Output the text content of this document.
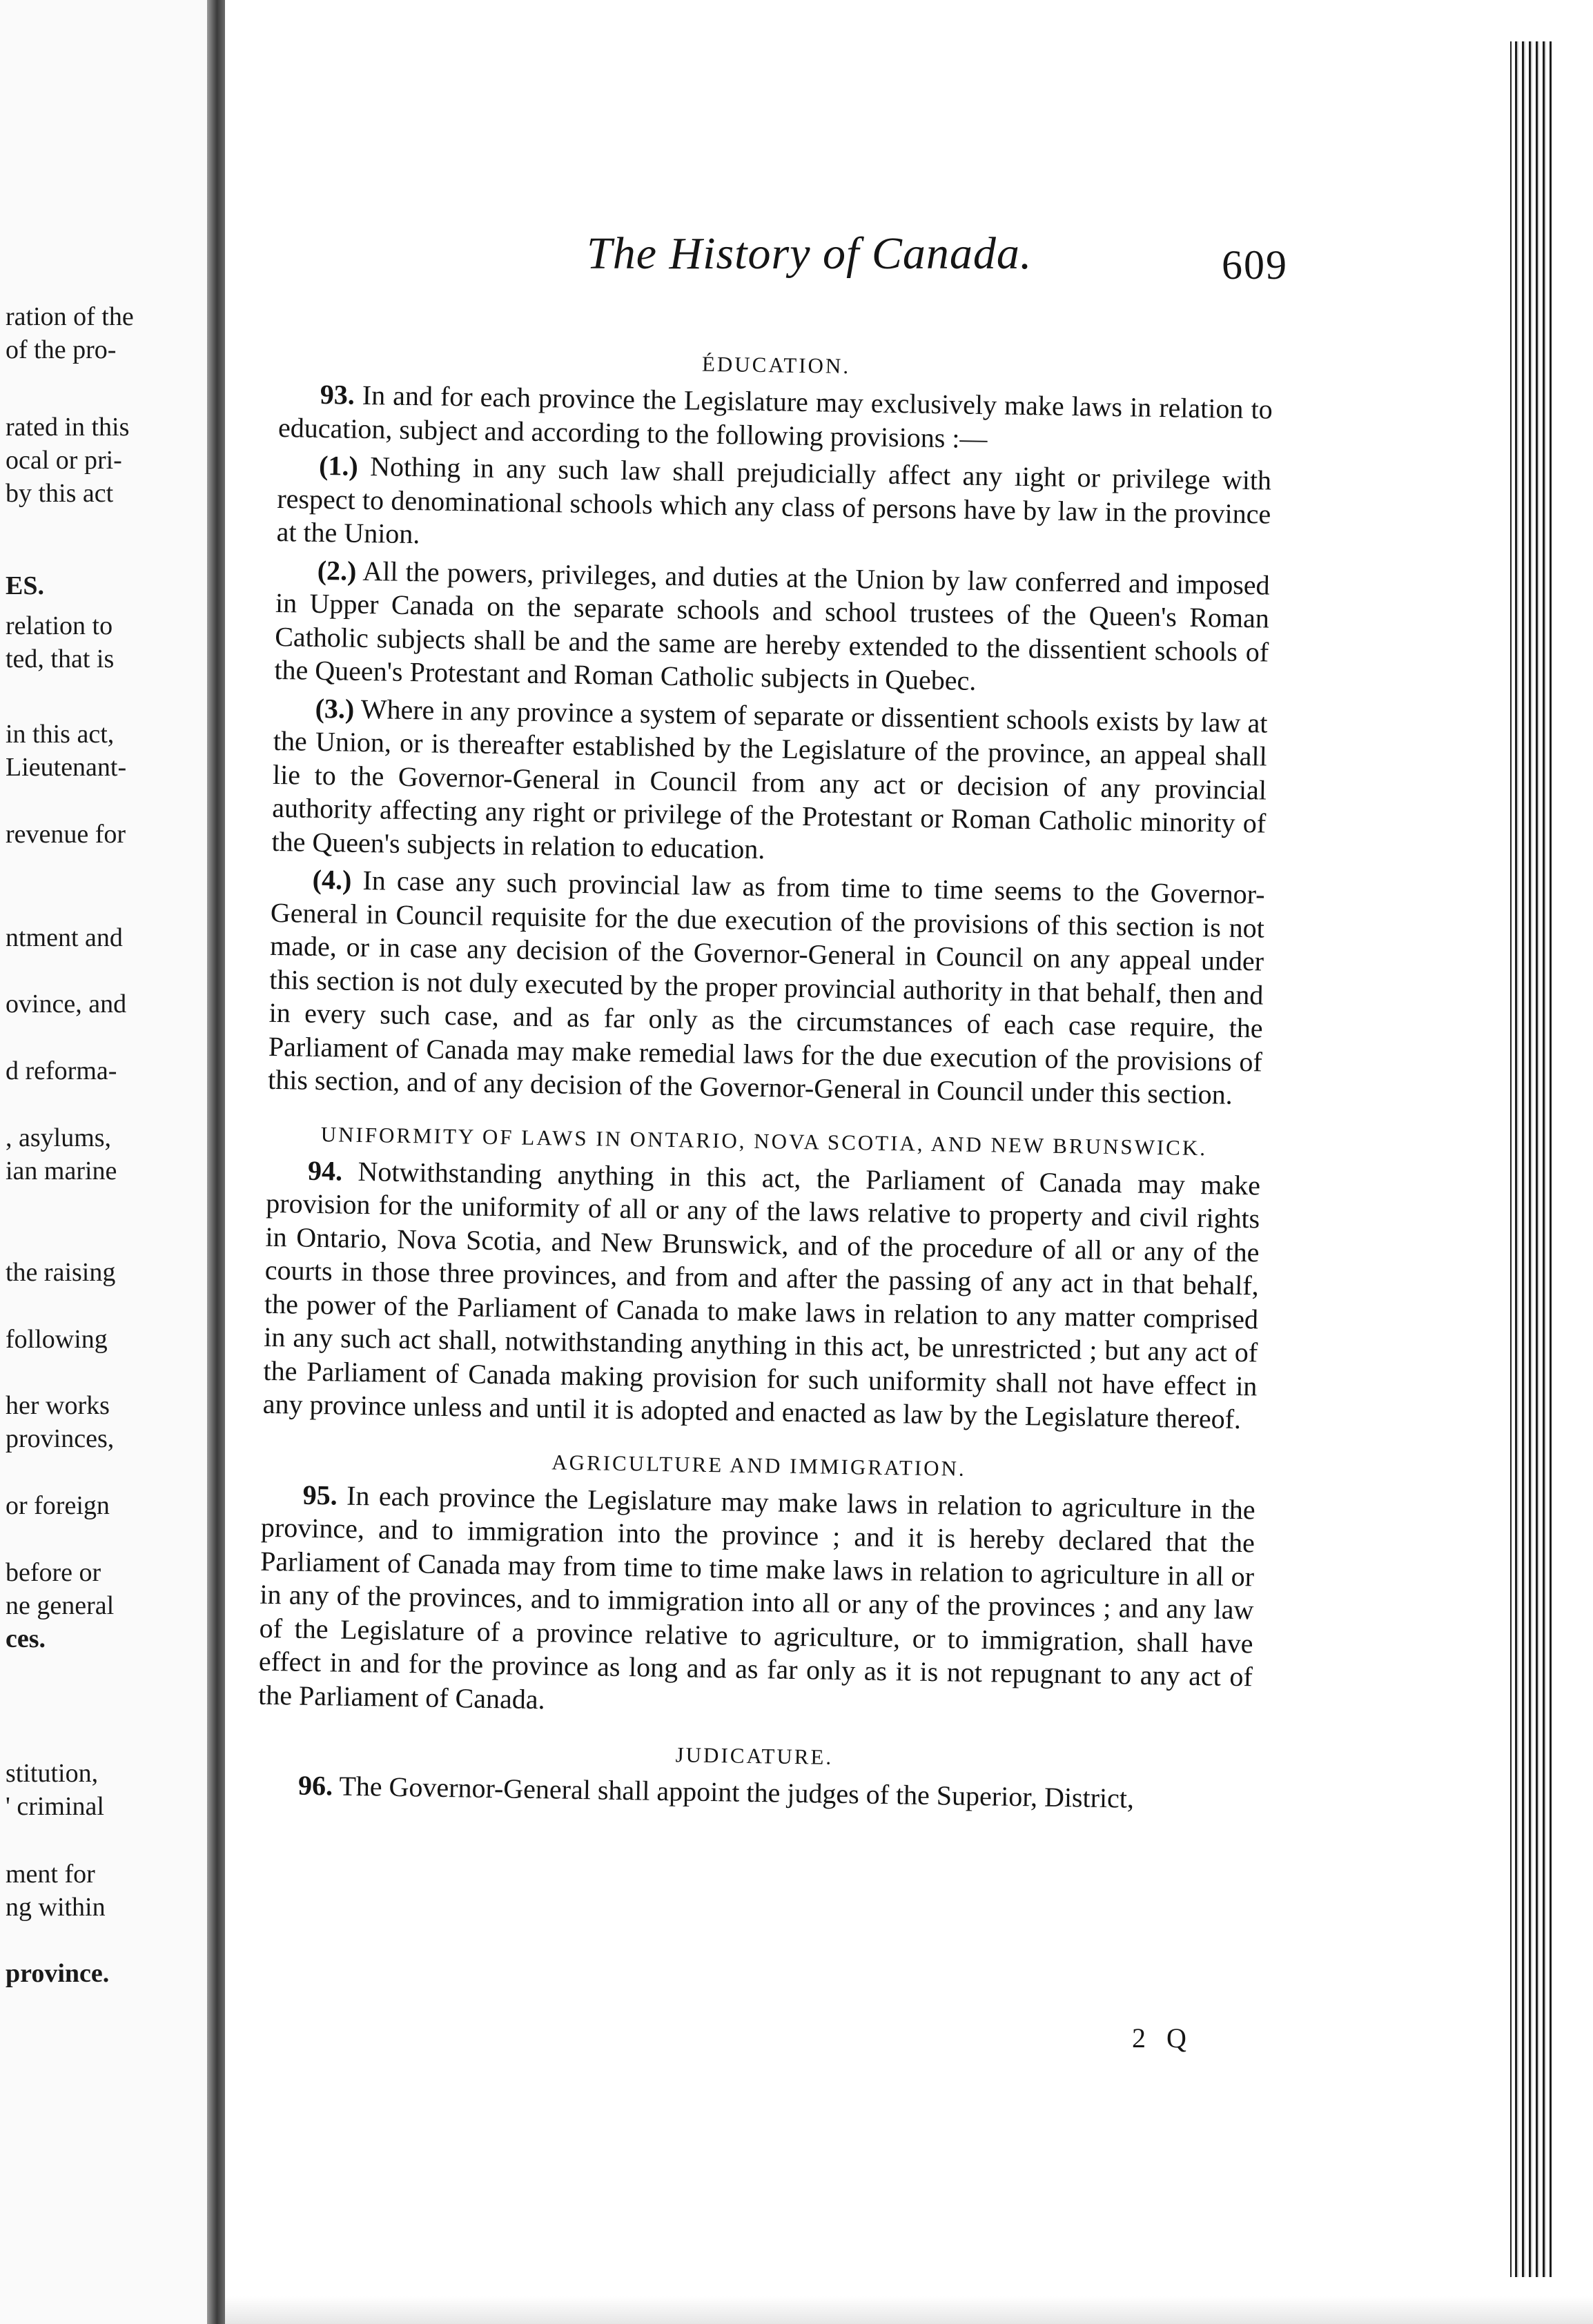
ration of the
of the pro-
rated in this
ocal or pri-
by this act
ES.
relation to
ted, that is
in this act,
Lieutenant-
revenue for
ntment and
ovince, and
d reforma-
, asylums,
ian marine
the raising
following
her works
provinces,
or foreign
before or
ne general
ces.
stitution,
' criminal
ment for
ng within
province.
The History of Canada.	609
ÉDUCATION.

93. In and for each province the Legislature may exclusively make laws in relation to education, subject and according to the following provisions :—

(1.) Nothing in any such law shall prejudicially affect any ıight or privilege with respect to denominational schools which any class of persons have by law in the province at the Union.

(2.) All the powers, privileges, and duties at the Union by law conferred and imposed in Upper Canada on the separate schools and school trustees of the Queen's Roman Catholic subjects shall be and the same are hereby extended to the dissentient schools of the Queen's Protestant and Roman Catholic subjects in Quebec.

(3.) Where in any province a system of separate or dissentient schools exists by law at the Union, or is thereafter established by the Legislature of the province, an appeal shall lie to the Governor-General in Council from any act or decision of any provincial authority affecting any right or privilege of the Protestant or Roman Catholic minority of the Queen's subjects in relation to education.

(4.) In case any such provincial law as from time to time seems to the Governor-General in Council requisite for the due execution of the provisions of this section is not made, or in case any decision of the Governor-General in Council on any appeal under this section is not duly executed by the proper provincial authority in that behalf, then and in every such case, and as far only as the circumstances of each case require, the Parliament of Canada may make remedial laws for the due execution of the provisions of this section, and of any decision of the Governor-General in Council under this section.

UNIFORMITY OF LAWS IN ONTARIO, NOVA SCOTIA, AND NEW BRUNSWICK.

94. Notwithstanding anything in this act, the Parliament of Canada may make provision for the uniformity of all or any of the laws relative to property and civil rights in Ontario, Nova Scotia, and New Brunswick, and of the procedure of all or any of the courts in those three provinces, and from and after the passing of any act in that behalf, the power of the Parliament of Canada to make laws in relation to any matter comprised in any such act shall, notwithstanding anything in this act, be unrestricted ; but any act of the Parliament of Canada making provision for such uniformity shall not have effect in any province unless and until it is adopted and enacted as law by the Legislature thereof.

AGRICULTURE AND IMMIGRATION.

95. In each province the Legislature may make laws in relation to agriculture in the province, and to immigration into the province ; and it is hereby declared that the Parliament of Canada may from time to time make laws in relation to agriculture in all or in any of the provinces, and to immigration into all or any of the provinces ; and any law of the Legislature of a province relative to agriculture, or to immigration, shall have effect in and for the province as long and as far only as it is not repugnant to any act of the Parliament of Canada.

JUDICATURE.

96. The Governor-General shall appoint the judges of the Superior, District,

2 Q
